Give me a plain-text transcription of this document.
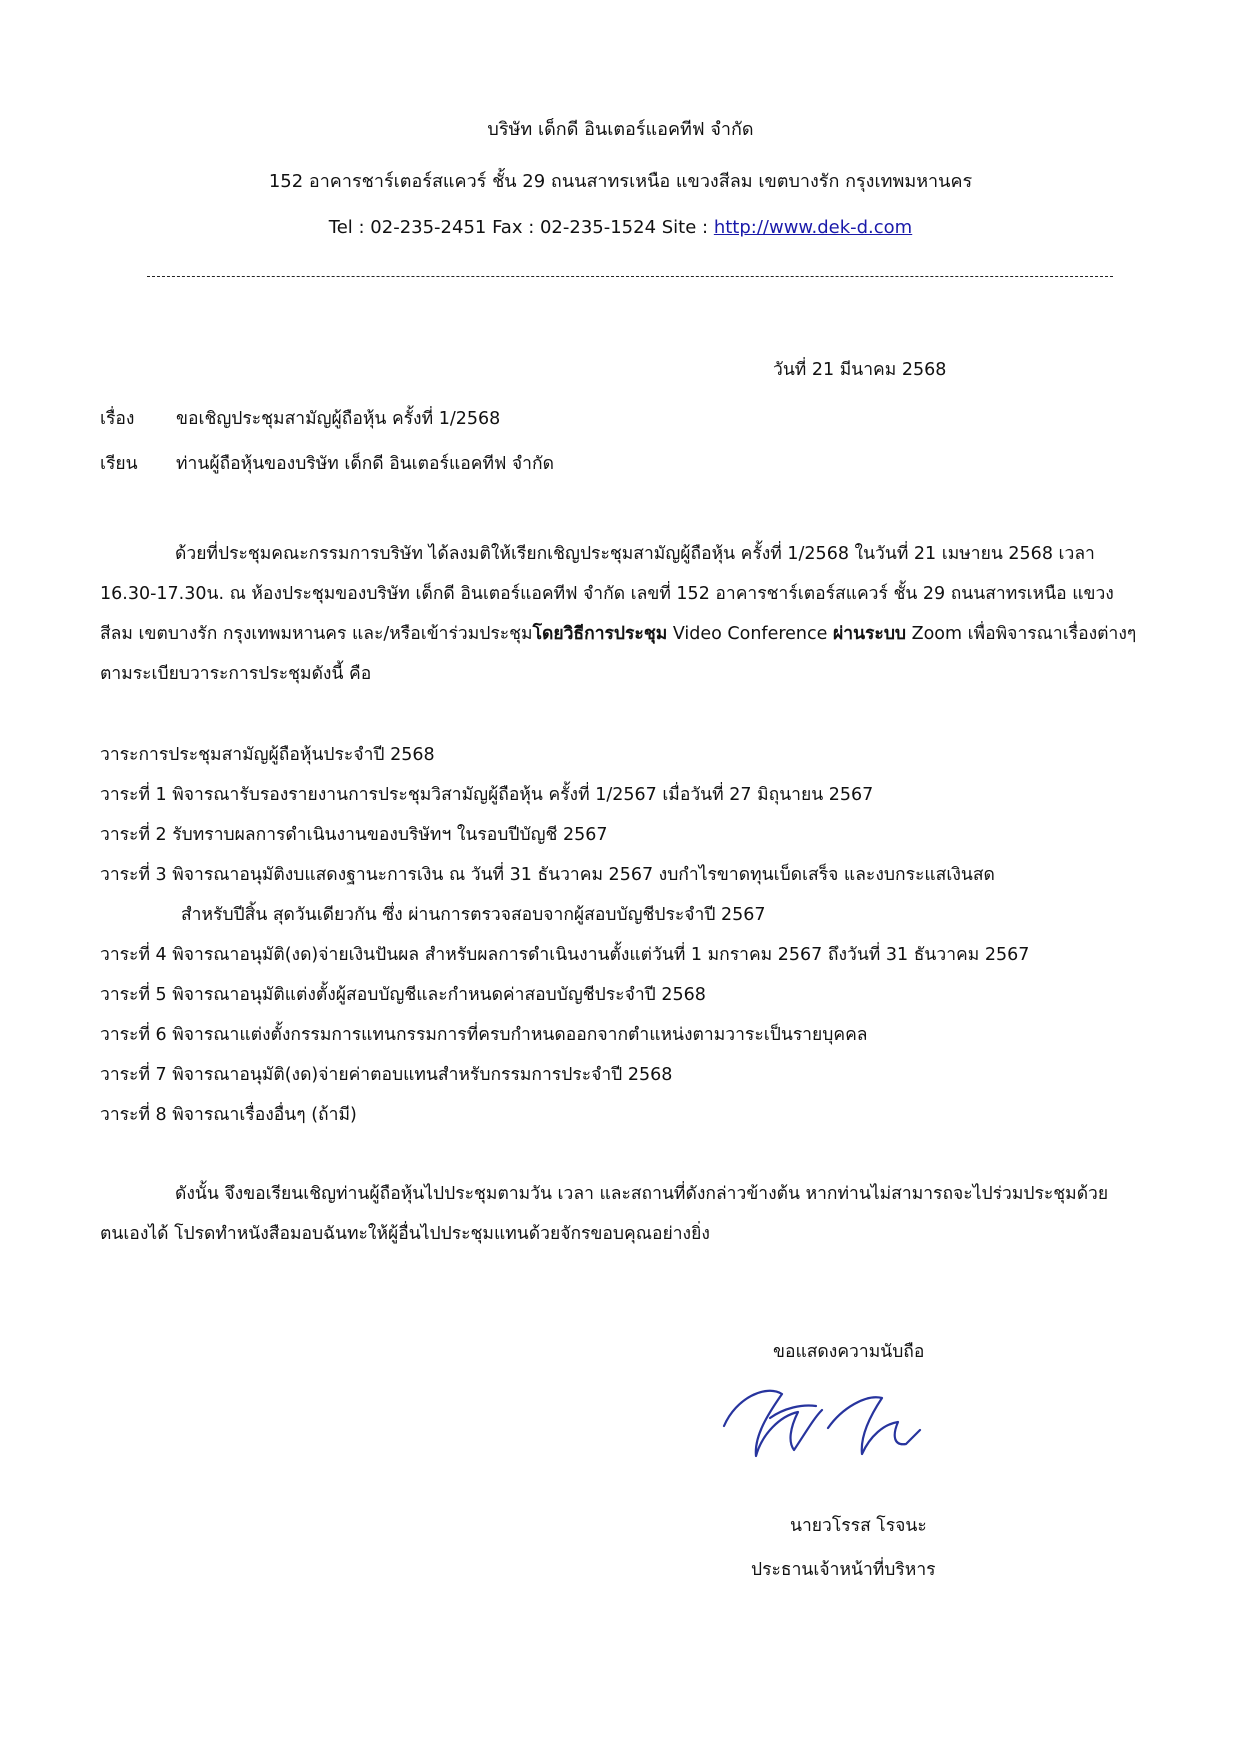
บริษัท เด็กดี อินเตอร์แอคทีฟ จำกัด
152 อาคารชาร์เตอร์สแควร์ ชั้น 29 ถนนสาทรเหนือ แขวงสีลม เขตบางรัก กรุงเทพมหานคร
Tel : 02-235-2451 Fax : 02-235-1524 Site : http://www.dek-d.com
วันที่ 21 มีนาคม 2568
เรื่อง ขอเชิญประชุมสามัญผู้ถือหุ้น ครั้งที่ 1/2568
เรียน ท่านผู้ถือหุ้นของบริษัท เด็กดี อินเตอร์แอคทีฟ จำกัด
ด้วยที่ประชุมคณะกรรมการบริษัท ได้ลงมติให้เรียกเชิญประชุมสามัญผู้ถือหุ้น ครั้งที่ 1/2568 ในวันที่ 21 เมษายน 2568 เวลา 16.30-17.30น. ณ ห้องประชุมของบริษัท เด็กดี อินเตอร์แอคทีฟ จำกัด เลขที่ 152 อาคารชาร์เตอร์สแควร์ ชั้น 29 ถนนสาทรเหนือ แขวงสีลม เขตบางรัก กรุงเทพมหานคร และ/หรือเข้าร่วมประชุมโดยวิธีการประชุม Video Conference ผ่านระบบ Zoom เพื่อพิจารณาเรื่องต่างๆตามระเบียบวาระการประชุมดังนี้ คือ
วาระการประชุมสามัญผู้ถือหุ้นประจำปี 2568
วาระที่ 1 พิจารณารับรองรายงานการประชุมวิสามัญผู้ถือหุ้น ครั้งที่ 1/2567 เมื่อวันที่ 27 มิถุนายน 2567
วาระที่ 2 รับทราบผลการดำเนินงานของบริษัทฯ ในรอบปีบัญชี 2567
วาระที่ 3 พิจารณาอนุมัติงบแสดงฐานะการเงิน ณ วันที่ 31 ธันวาคม 2567 งบกำไรขาดทุนเบ็ดเสร็จ และงบกระแสเงินสด
สำหรับปีสิ้น สุดวันเดียวกัน ซึ่ง ผ่านการตรวจสอบจากผู้สอบบัญชีประจำปี 2567
วาระที่ 4 พิจารณาอนุมัติ(งด)จ่ายเงินปันผล สำหรับผลการดำเนินงานตั้งแต่วันที่ 1 มกราคม 2567 ถึงวันที่ 31 ธันวาคม 2567
วาระที่ 5 พิจารณาอนุมัติแต่งตั้งผู้สอบบัญชีและกำหนดค่าสอบบัญชีประจำปี 2568
วาระที่ 6 พิจารณาแต่งตั้งกรรมการแทนกรรมการที่ครบกำหนดออกจากตำแหน่งตามวาระเป็นรายบุคคล
วาระที่ 7 พิจารณาอนุมัติ(งด)จ่ายค่าตอบแทนสำหรับกรรมการประจำปี 2568
วาระที่ 8 พิจารณาเรื่องอื่นๆ (ถ้ามี)
ดังนั้น จึงขอเรียนเชิญท่านผู้ถือหุ้นไปประชุมตามวัน เวลา และสถานที่ดังกล่าวข้างต้น หากท่านไม่สามารถจะไปร่วมประชุมด้วยตนเองได้ โปรดทำหนังสือมอบฉันทะให้ผู้อื่นไปประชุมแทนด้วยจักรขอบคุณอย่างยิ่ง
ขอแสดงความนับถือ
นายวโรรส โรจนะ
ประธานเจ้าหน้าที่บริหาร
